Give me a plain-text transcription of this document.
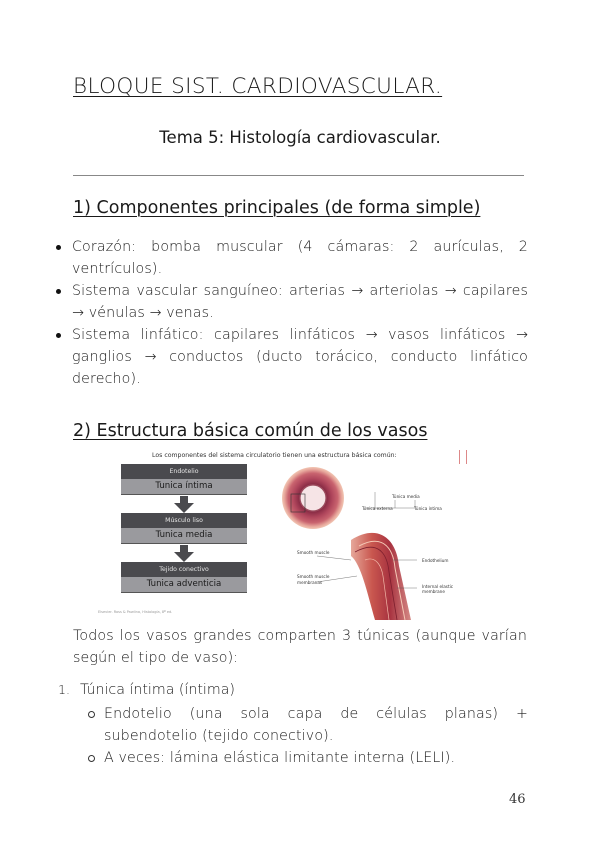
BLOQUE SIST. CARDIOVASCULAR.
Tema 5: Histología cardiovascular.
1) Componentes principales (de forma simple)
Corazón: bomba muscular (4 cámaras: 2 aurículas, 2 ventrículos).
Sistema vascular sanguíneo: arterias → arteriolas → capilares → vénulas → venas.
Sistema linfático: capilares linfáticos → vasos linfáticos → ganglios → conductos (ducto torácico, conducto linfático derecho).
2) Estructura básica común de los vasos
Los componentes del sistema circulatorio tienen una estructura básica común:
Endotelio
Tunica íntima
Músculo liso
Tunica media
Tejido conectivo
Tunica adventicia
Túnica media
Túnica externa	Túnica íntima
Smooth muscle
Endothelium
Smooth muscle
membranas
Internal elastic membrane
Elsevier. Ross & Pawlina, Histología, 8ª ed.

Todos los vasos grandes comparten 3 túnicas (aunque varían según el tipo de vaso):

1. Túnica íntima (íntima)
Endotelio (una sola capa de células planas) + subendotelio (tejido conectivo).
A veces: lámina elástica limitante interna (LELI).
46
